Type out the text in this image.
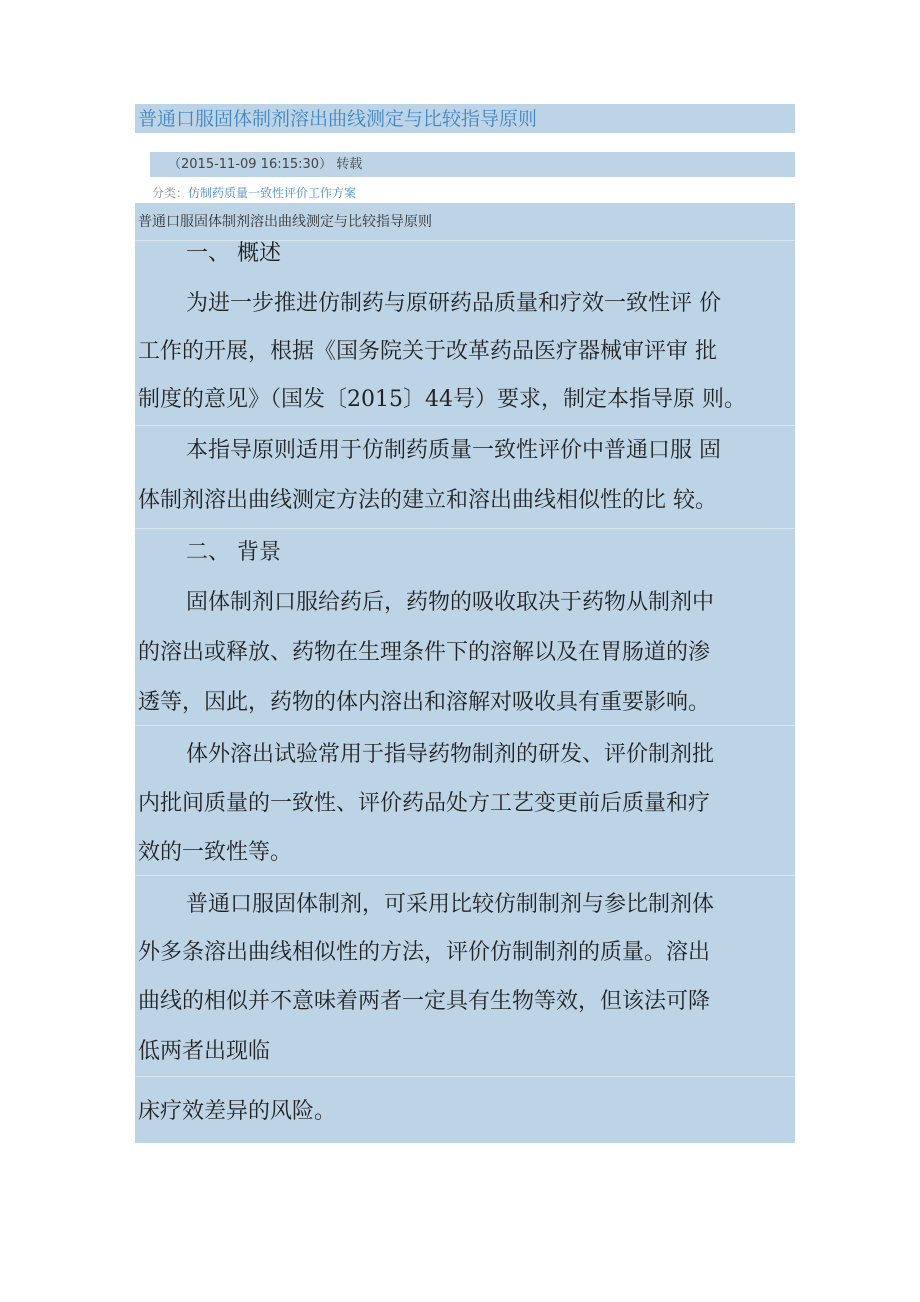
普通口服固体制剂溶出曲线测定与比较指导原则
（2015-11-09 16:15:30） 转载
分类：仿制药质量一致性评价工作方案
普通口服固体制剂溶出曲线测定与比较指导原则
一、 概述
为进一步推进仿制药与原研药品质量和疗效一致性评 价
工作的开展，根据《国务院关于改革药品医疗器械审评审 批
制度的意见》（国发〔2015〕44号）要求，制定本指导原 则。
本指导原则适用于仿制药质量一致性评价中普通口服 固
体制剂溶出曲线测定方法的建立和溶出曲线相似性的比 较。
二、 背景
固体制剂口服给药后，药物的吸收取决于药物从制剂中
的溶出或释放、药物在生理条件下的溶解以及在胃肠道的渗
透等，因此，药物的体内溶出和溶解对吸收具有重要影响。
体外溶出试验常用于指导药物制剂的研发、评价制剂批
内批间质量的一致性、评价药品处方工艺变更前后质量和疗
效的一致性等。
普通口服固体制剂，可采用比较仿制制剂与参比制剂体
外多条溶出曲线相似性的方法，评价仿制制剂的质量。溶出
曲线的相似并不意味着两者一定具有生物等效，但该法可降
低两者出现临
床疗效差异的风险。
